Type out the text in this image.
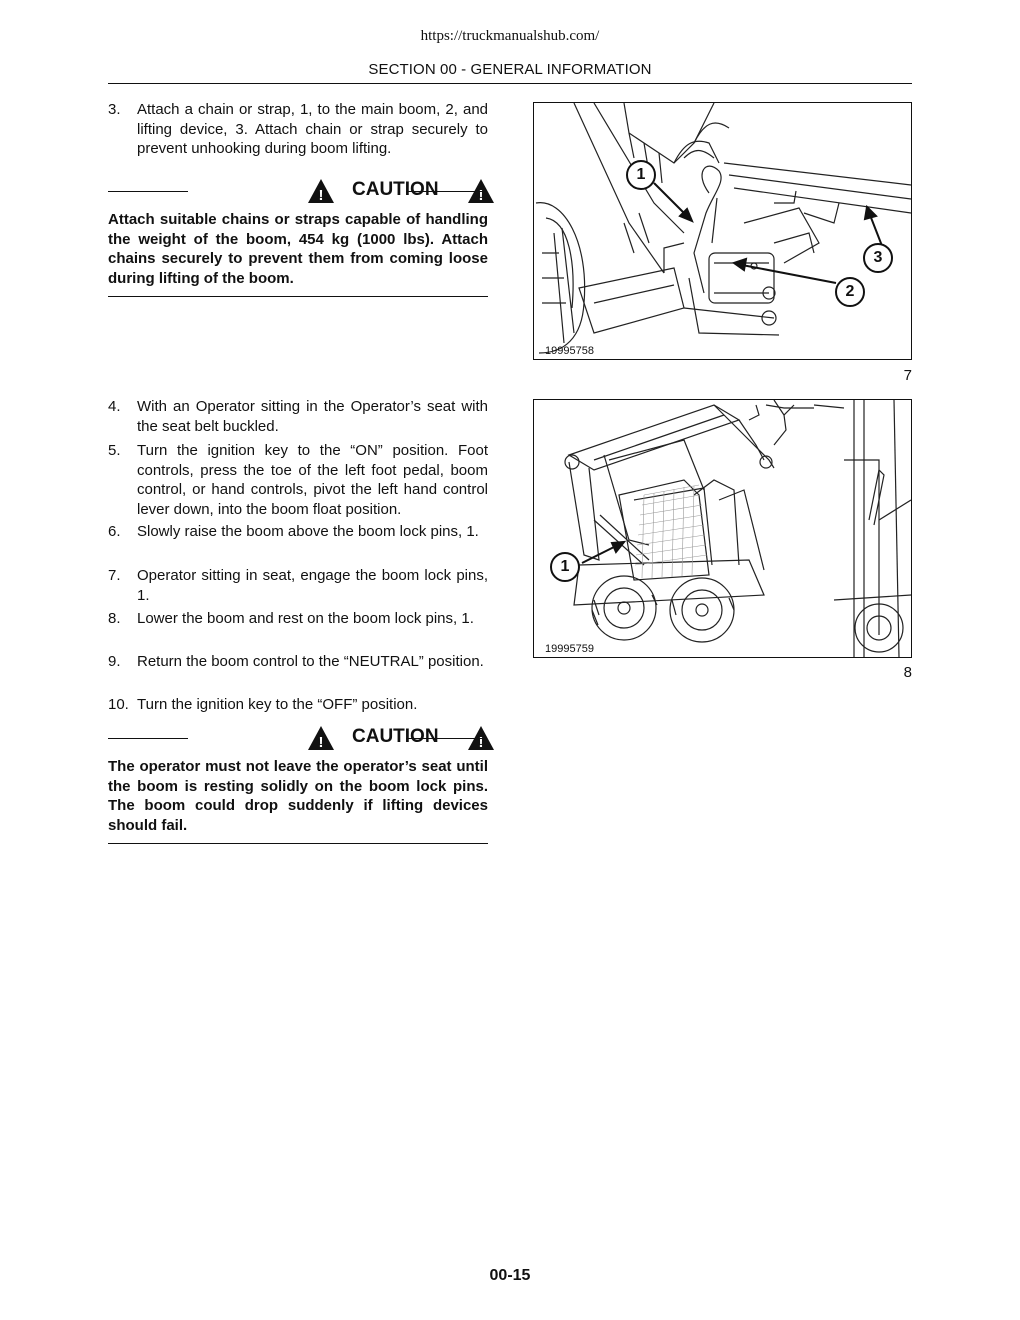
https://truckmanualshub.com/
SECTION 00 - GENERAL INFORMATION
3. Attach a chain or strap, 1, to the main boom, 2, and lifting device, 3. Attach chain or strap securely to prevent unhooking during boom lifting.
! CAUTION	!
Attach suitable chains or straps capable of handling the weight of the boom, 454 kg (1000 lbs). Attach chains securely to prevent them from coming loose during lifting of the boom.
1
2
3
19995758
7
4. With an Operator sitting in the Operator’s seat with the seat belt buckled.
5. Turn the ignition key to the “ON” position. Foot controls, press the toe of the left foot pedal, boom control, or hand controls, pivot the left hand control lever down, into the boom float position.
6. Slowly raise the boom above the boom lock pins, 1.
7. Operator sitting in seat, engage the boom lock pins, 1.
8. Lower the boom and rest on the boom lock pins, 1.
9. Return the boom control to the “NEUTRAL” position.
10. Turn the ignition key to the “OFF” position.
! CAUTION	!
The operator must not leave the operator’s seat until the boom is resting solidly on the boom lock pins. The boom could drop suddenly if lifting devices should fail.
1
19995759
8
00-15
